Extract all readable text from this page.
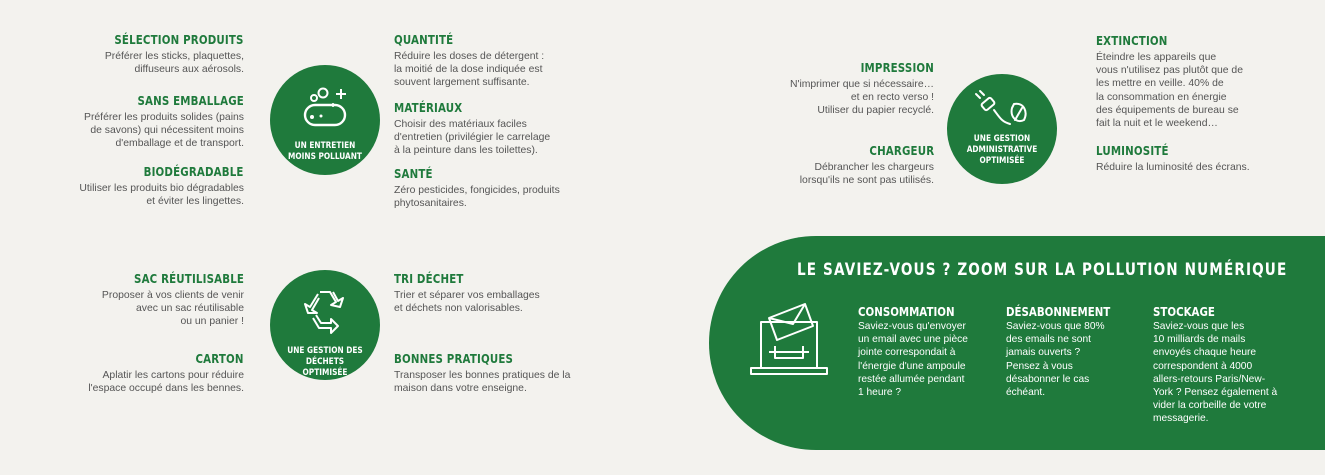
SÉLECTION PRODUITS

Préférer les sticks, plaquettes,
diffuseurs aux aérosols.

SANS EMBALLAGE

Préférer les produits solides (pains
de savons) qui nécessitent moins
d'emballage et de transport.

BIODÉGRADABLE

Utiliser les produits bio dégradables
et éviter les lingettes.

UN ENTRETIEN
MOINS POLLUANT
QUANTITÉ

Réduire les doses de détergent :
la moitié de la dose indiquée est
souvent largement suffisante.

MATÉRIAUX

Choisir des matériaux faciles
d'entretien (privilégier le carrelage
à la peinture dans les toilettes).

SANTÉ

Zéro pesticides, fongicides, produits
phytosanitaires.

SAC RÉUTILISABLE

Proposer à vos clients de venir
avec un sac réutilisable
ou un panier !

CARTON

Aplatir les cartons pour réduire
l'espace occupé dans les bennes.

UNE GESTION DES
DÉCHETS OPTIMISÉE
TRI DÉCHET

Trier et séparer vos emballages
et déchets non valorisables.

BONNES PRATIQUES

Transposer les bonnes pratiques de la
maison dans votre enseigne.

IMPRESSION

N'imprimer que si nécessaire…
et en recto verso !
Utiliser du papier recyclé.

CHARGEUR

Débrancher les chargeurs
lorsqu'ils ne sont pas utilisés.

UNE GESTION
ADMINISTRATIVE
OPTIMISÉE
EXTINCTION

Éteindre les appareils que
vous n'utilisez pas plutôt que de
les mettre en veille. 40% de
la consommation en énergie
des équipements de bureau se
fait la nuit et le weekend…

LUMINOSITÉ

Réduire la luminosité des écrans.

LE SAVIEZ-VOUS ? ZOOM SUR LA POLLUTION NUMÉRIQUE
CONSOMMATION

Saviez-vous qu'envoyer
un email avec une pièce
jointe correspondait à
l'énergie d'une ampoule
restée allumée pendant
1 heure ?

DÉSABONNEMENT

Saviez-vous que 80%
des emails ne sont
jamais ouverts ?
Pensez à vous
désabonner le cas
échéant.

STOCKAGE

Saviez-vous que les
10 milliards de mails
envoyés chaque heure
correspondent à 4000
allers-retours Paris/New-
York ? Pensez également à
vider la corbeille de votre
messagerie.
